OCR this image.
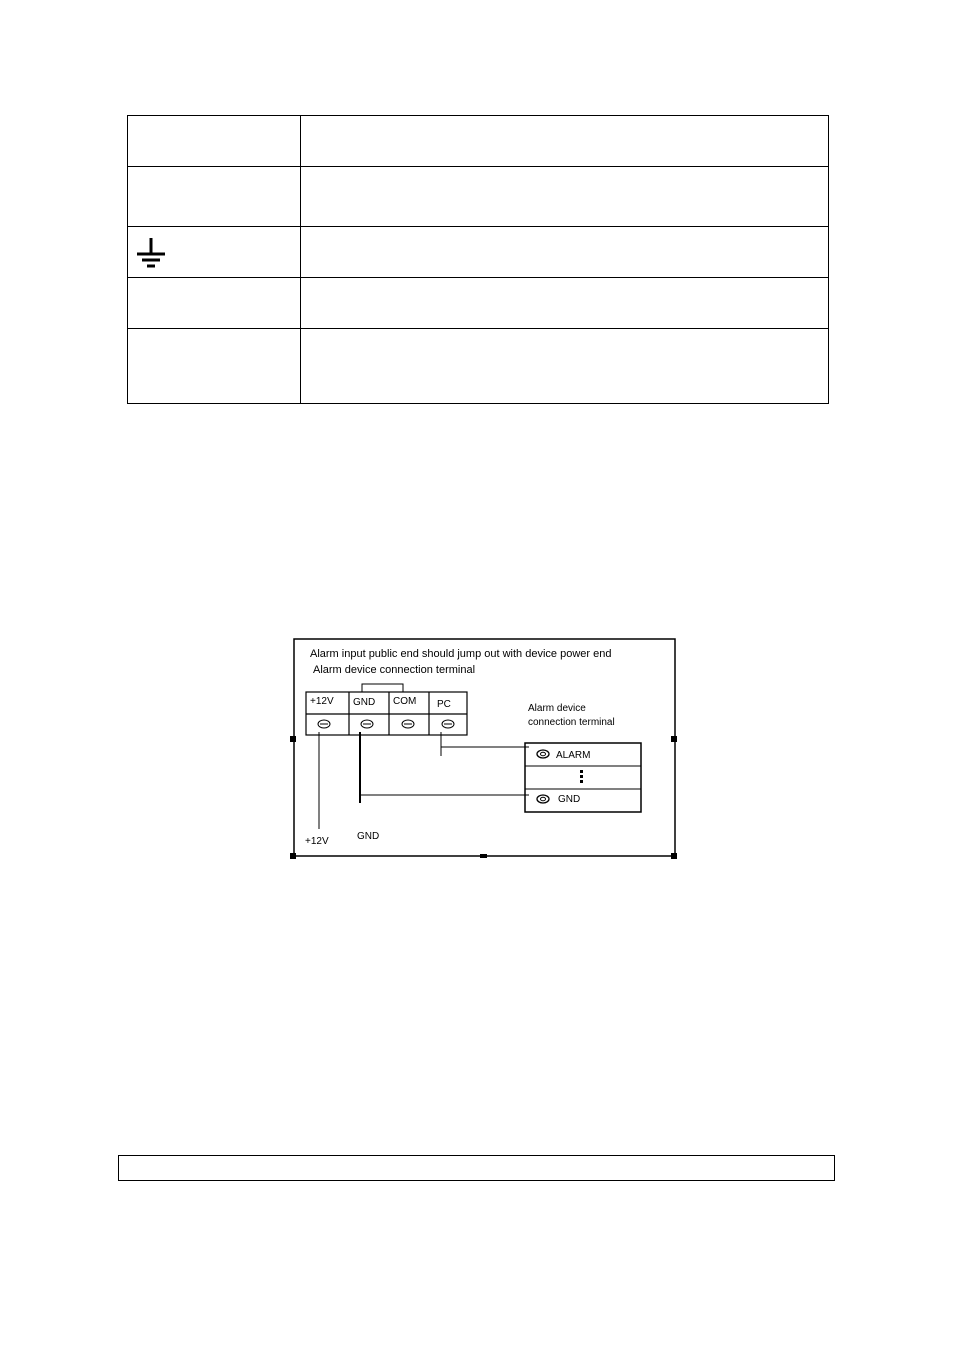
Alarm input public end should jump out with device power end
Alarm device connection terminal
+12V GND COM PC	Alarm device
connection terminal
ALARM
GND
+12V	GND
